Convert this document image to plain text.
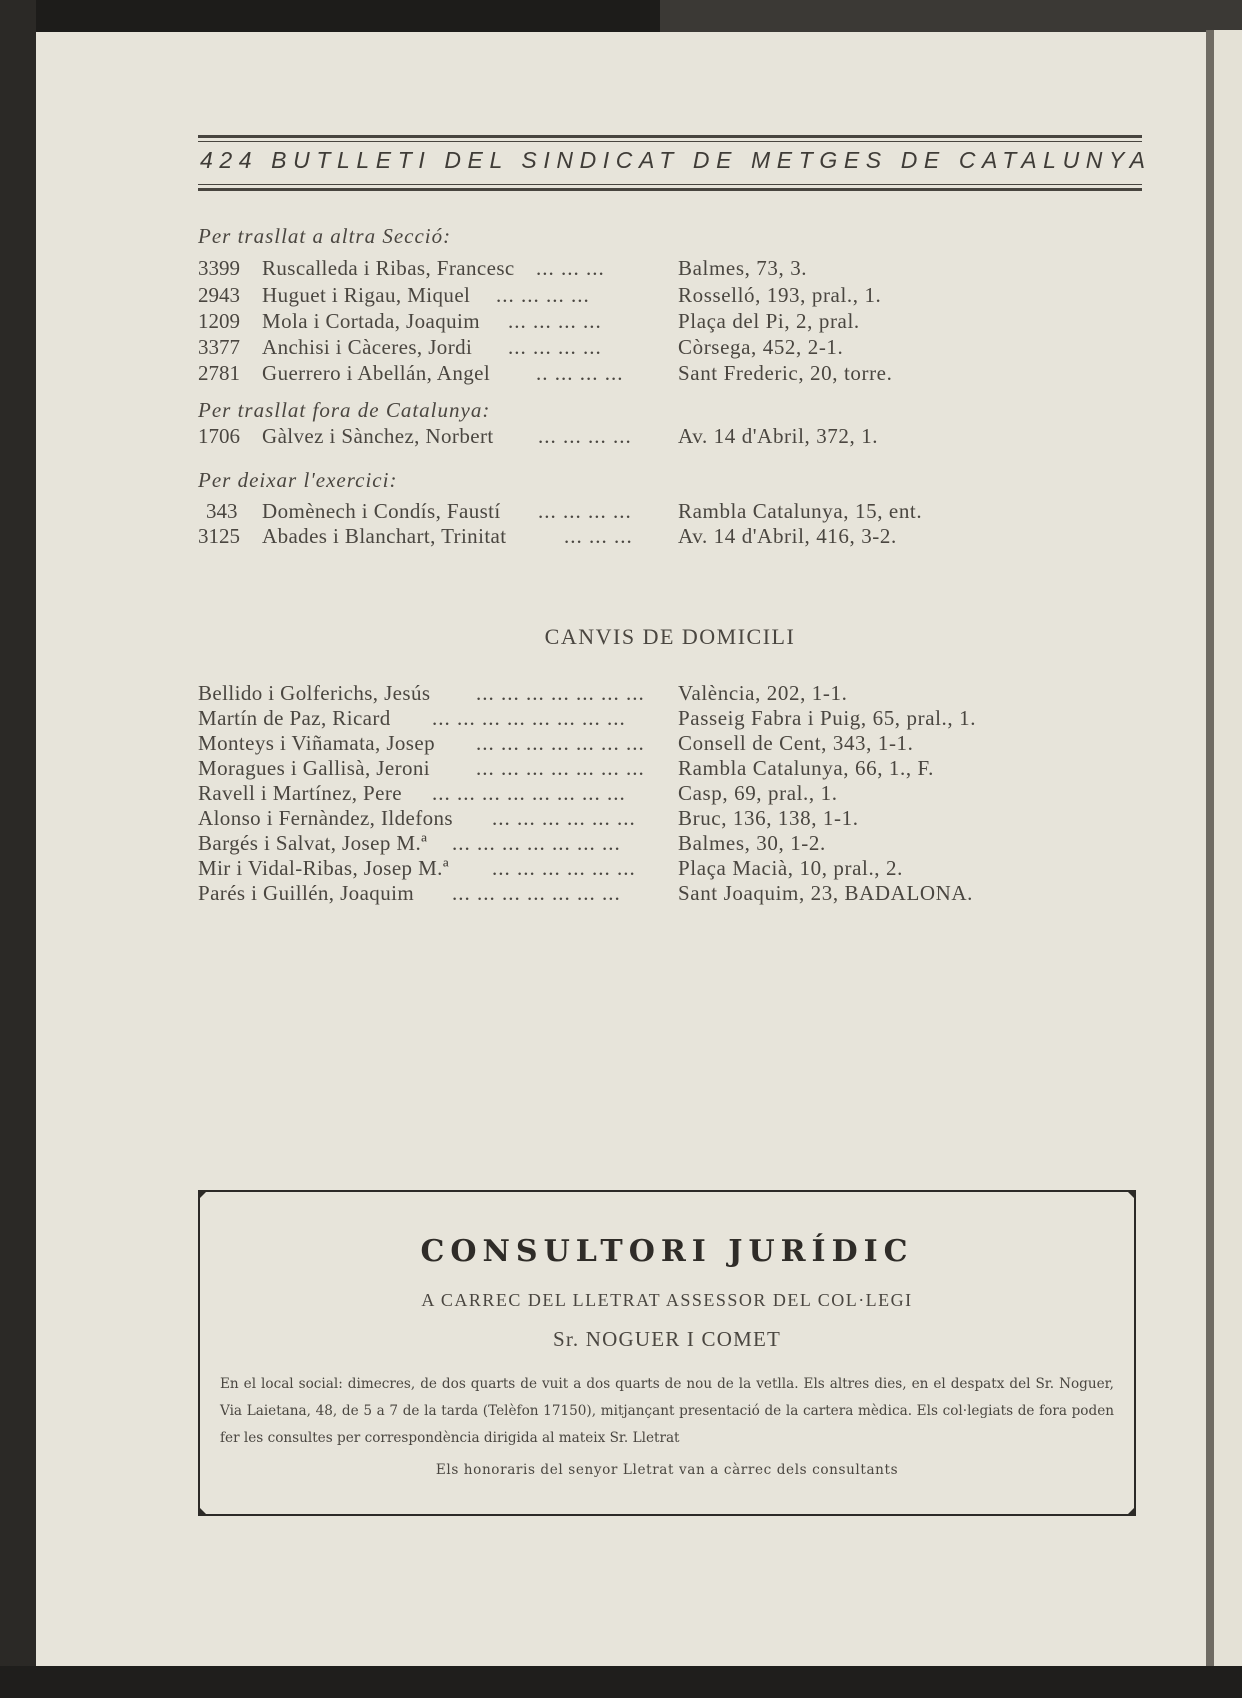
424 BUTLLETI DEL SINDICAT DE METGES DE CATALUNYA
Per trasllat a altra Secció:
3399	Ruscalleda i Ribas, Francesc ... ... ...	Balmes, 73, 3.
2943	Huguet i Rigau, Miquel ... ... ... ...	Rosselló, 193, pral., 1.
1209	Mola i Cortada, Joaquim ... ... ... ...	Plaça del Pi, 2, pral.
3377	Anchisi i Càceres, Jordi ... ... ... ...	Còrsega, 452, 2-1.
2781	Guerrero i Abellán, Angel .. ... ... ...	Sant Frederic, 20, torre.
Per trasllat fora de Catalunya:
1706	Gàlvez i Sànchez, Norbert ... ... ... ... Av. 14 d'Abril, 372, 1.
Per deixar l'exercici:
343	Domènech i Condís, Faustí ... ... ... ... Rambla Catalunya, 15, ent.
3125	Abades i Blanchart, Trinitat	... ... ... Av. 14 d'Abril, 416, 3-2.
CANVIS DE DOMICILI
Bellido i Golferichs, Jesús ... ... ... ... ... ... ... València, 202, 1-1.
Martín de Paz, Ricard ... ... ... ... ... ... ... ... Passeig Fabra i Puig, 65, pral., 1.
Monteys i Viñamata, Josep ... ... ... ... ... ... ... Consell de Cent, 343, 1-1.
Moragues i Gallisà, Jeroni ... ... ... ... ... ... ... Rambla Catalunya, 66, 1., F.
Ravell i Martínez, Pere ... ... ... ... ... ... ... ... Casp, 69, pral., 1.
Alonso i Fernàndez, Ildefons ... ... ... ... ... ... Bruc, 136, 138, 1-1.
Bargés i Salvat, Josep M.ª ... ... ... ... ... ... ...	Balmes, 30, 1-2.
Mir i Vidal-Ribas, Josep M.ª ... ... ... ... ... ... Plaça Macià, 10, pral., 2.
Parés i Guillén, Joaquim ... ... ... ... ... ... ...	Sant Joaquim, 23, BADALONA.
CONSULTORI JURÍDIC
A CARREC DEL LLETRAT ASSESSOR DEL COL·LEGI
Sr. NOGUER I COMET
En el local social: dimecres, de dos quarts de vuit a dos quarts de nou de la vetlla. Els altres dies, en el despatx del Sr. Noguer, Via Laietana, 48, de 5 a 7 de la tarda (Telèfon 17150), mitjançant presentació de la cartera mèdica. Els col·legiats de fora poden fer les consultes per correspondència dirigida al mateix Sr. Lletrat
Els honoraris del senyor Lletrat van a càrrec dels consultants
